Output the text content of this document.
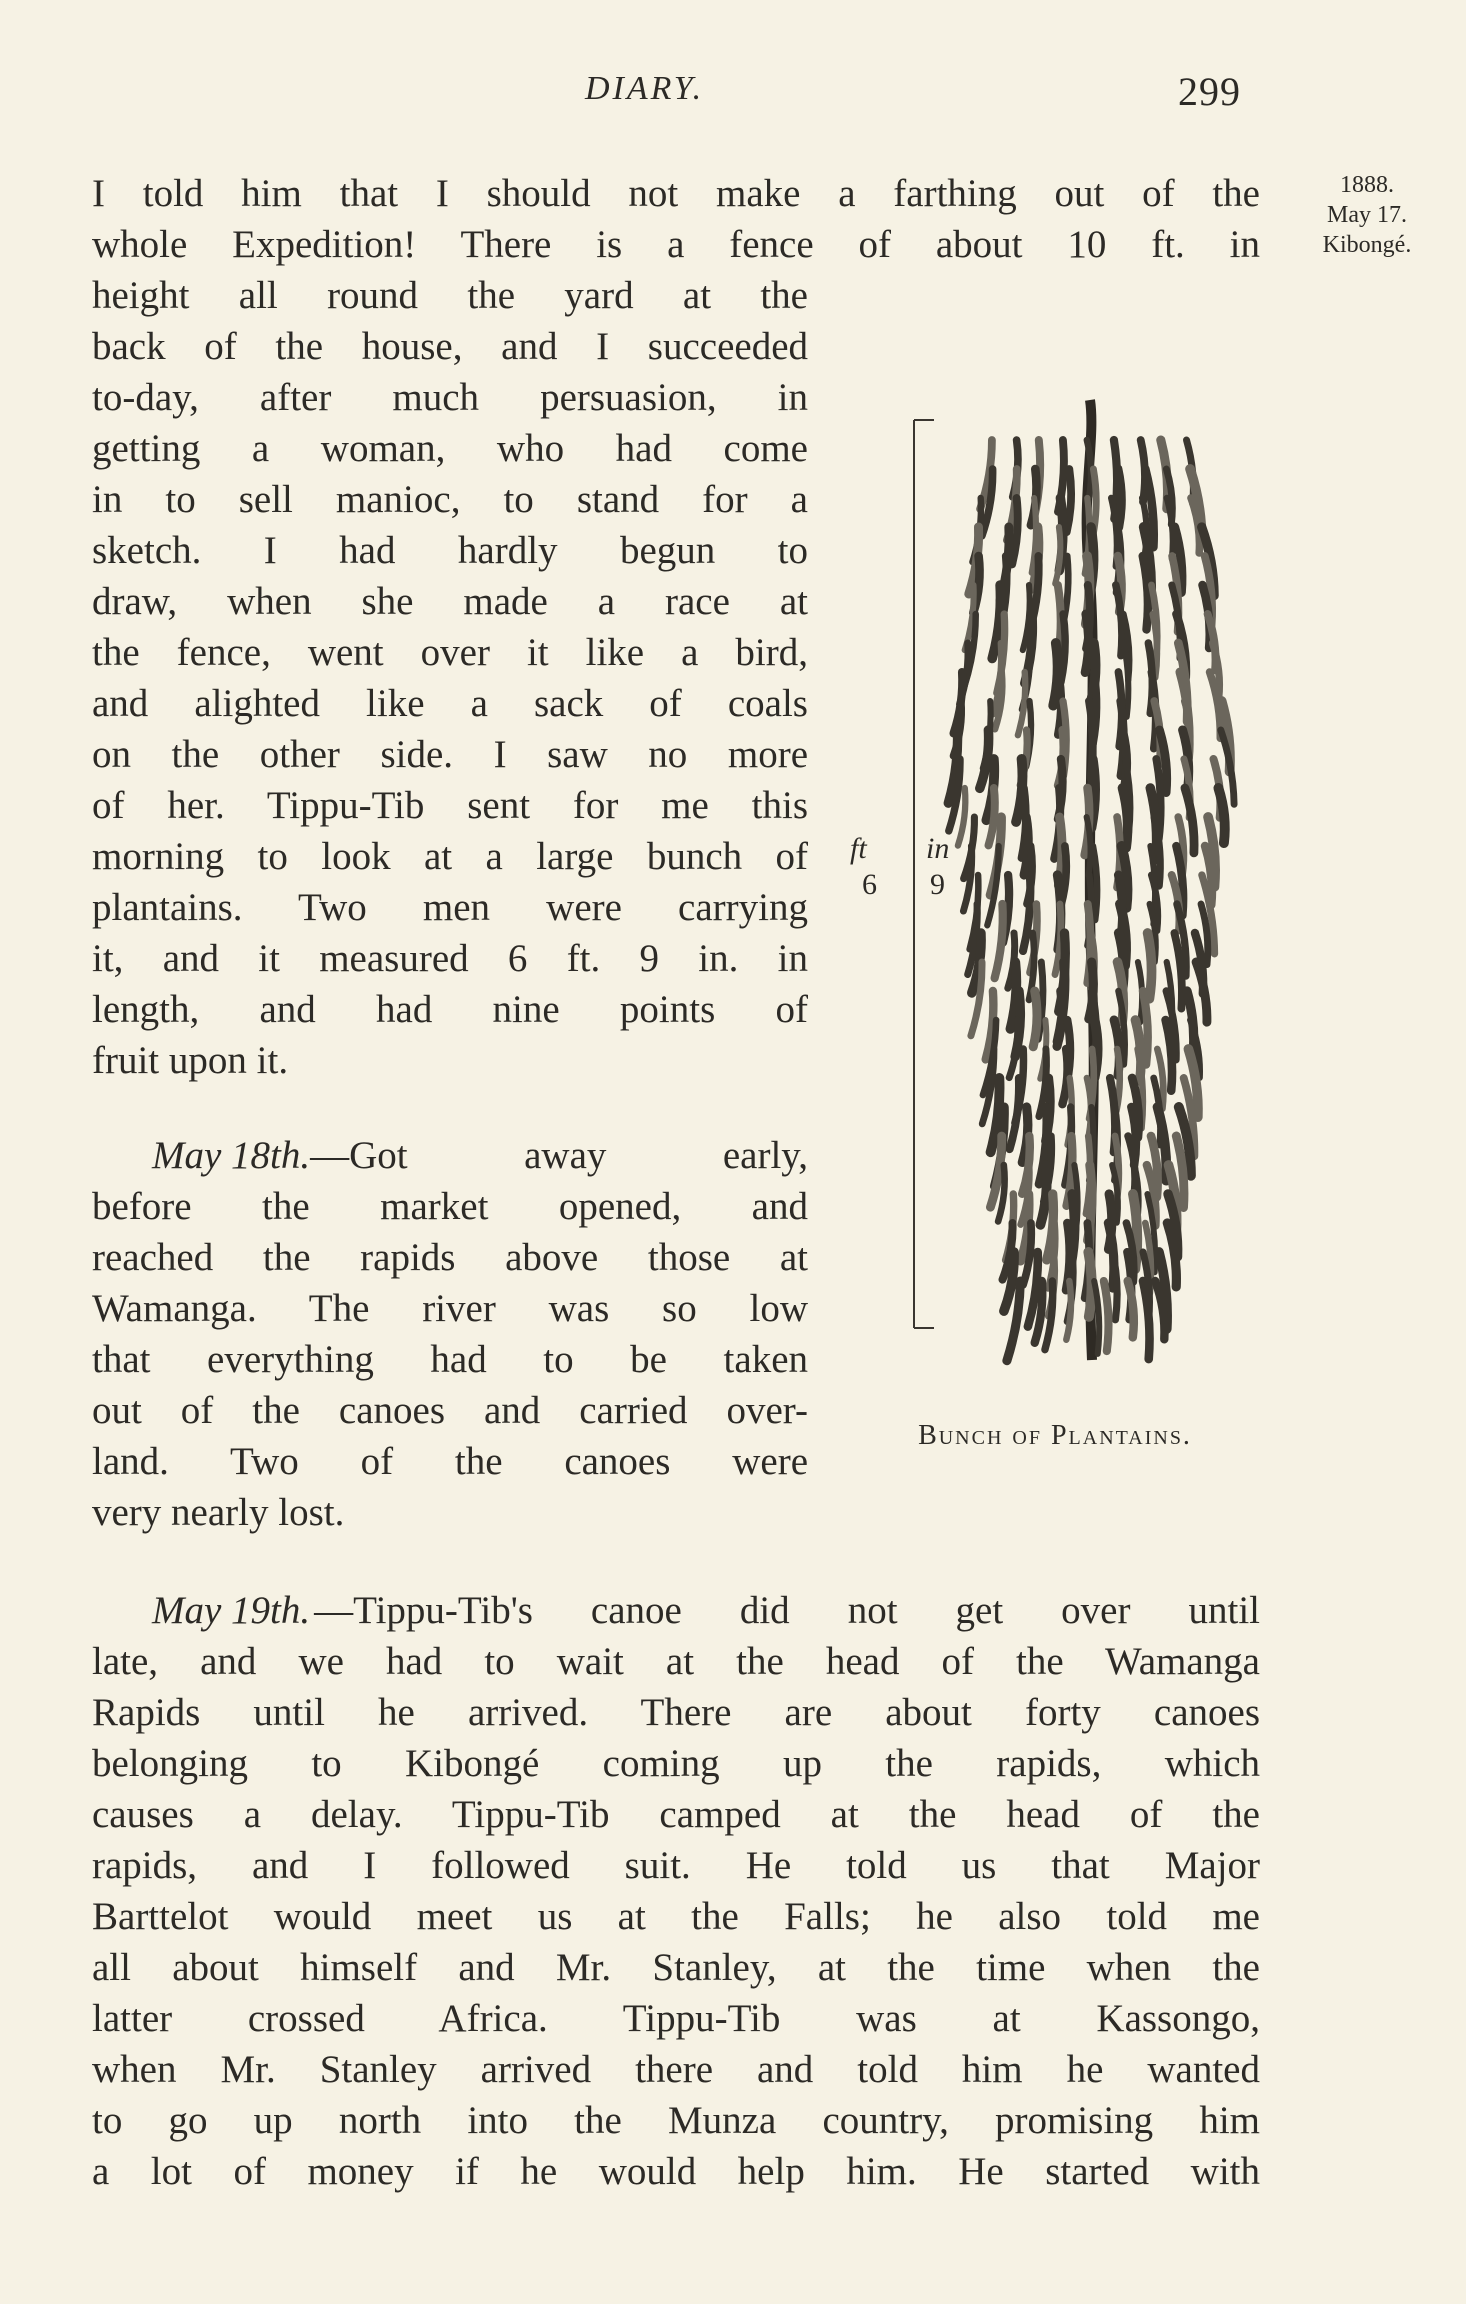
DIARY.	299
1888.
May 17.
Kibongé.
I told him that I should not make a farthing out of the
whole Expedition! There is a fence of about 10 ft. in
height all round the yard at the
back of the house, and I succeeded
to-day, after much persuasion, in
getting a woman, who had come
in to sell manioc, to stand for a
sketch. I had hardly begun to
draw, when she made a race at
the fence, went over it like a bird,
and alighted like a sack of coals
on the other side. I saw no more
of her. Tippu-Tib sent for me this
morning to look at a large bunch of
plantains. Two men were carrying
it, and it measured 6 ft. 9 in. in
length, and had nine points of
fruit upon it.
May 18th. —Got away early,
before the market opened, and
reached the rapids above those at
Wamanga. The river was so low
that everything had to be taken
out of the canoes and carried over-
land. Two of the canoes were
very nearly lost.
May 19th. —Tippu-Tib's canoe did not get over until
late, and we had to wait at the head of the Wamanga
Rapids until he arrived. There are about forty canoes
belonging to Kibongé coming up the rapids, which
causes a delay. Tippu-Tib camped at the head of the
rapids, and I followed suit. He told us that Major
Barttelot would meet us at the Falls; he also told me
all about himself and Mr. Stanley, at the time when the
latter crossed Africa. Tippu-Tib was at Kassongo,
when Mr. Stanley arrived there and told him he wanted
to go up north into the Munza country, promising him
a lot of money if he would help him. He started with
ft
6
in
9
Bunch of Plantains.
